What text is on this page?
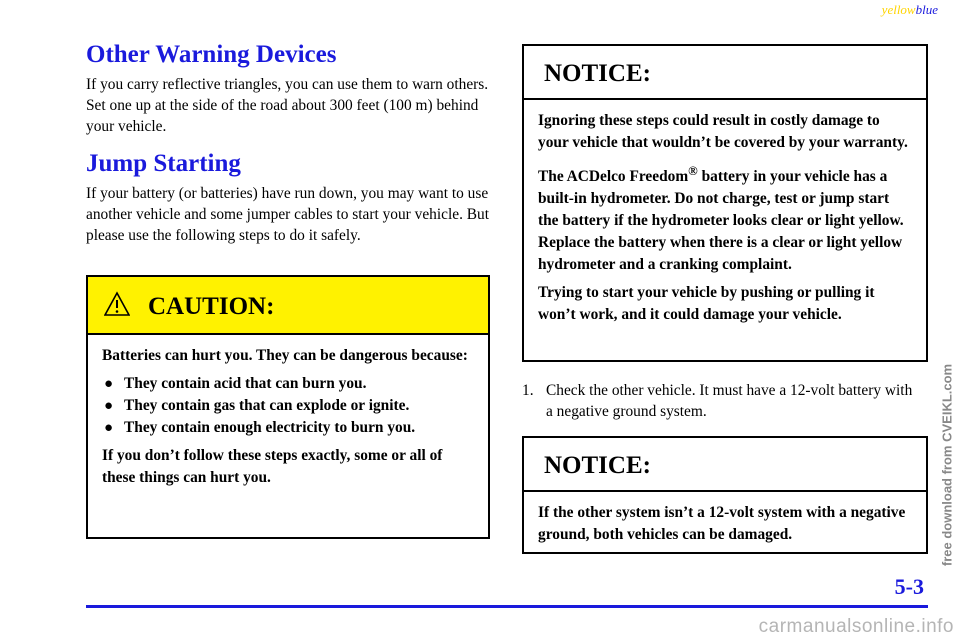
yellowblue
Other Warning Devices

If you carry reflective triangles, you can use them to warn others. Set one up at the side of the road about 300 feet (100 m) behind your vehicle.

Jump Starting

If your battery (or batteries) have run down, you may want to use another vehicle and some jumper cables to start your vehicle. But please use the following steps to do it safely.

CAUTION:

Batteries can hurt you. They can be dangerous because:

● They contain acid that can burn you.
● They contain gas that can explode or ignite.
● They contain enough electricity to burn you.

If you don’t follow these steps exactly, some or all of these things can hurt you.

NOTICE:

Ignoring these steps could result in costly damage to your vehicle that wouldn’t be covered by your warranty.

The ACDelco Freedom® battery in your vehicle has a built‑in hydrometer. Do not charge, test or jump start the battery if the hydrometer looks clear or light yellow. Replace the battery when there is a clear or light yellow hydrometer and a cranking complaint.

Trying to start your vehicle by pushing or pulling it won’t work, and it could damage your vehicle.

1. Check the other vehicle. It must have a 12‑volt battery with a negative ground system.
NOTICE:

If the other system isn’t a 12‑volt system with a negative ground, both vehicles can be damaged.

5-3
free download from CVEIKL.com
carmanualsonline.info
